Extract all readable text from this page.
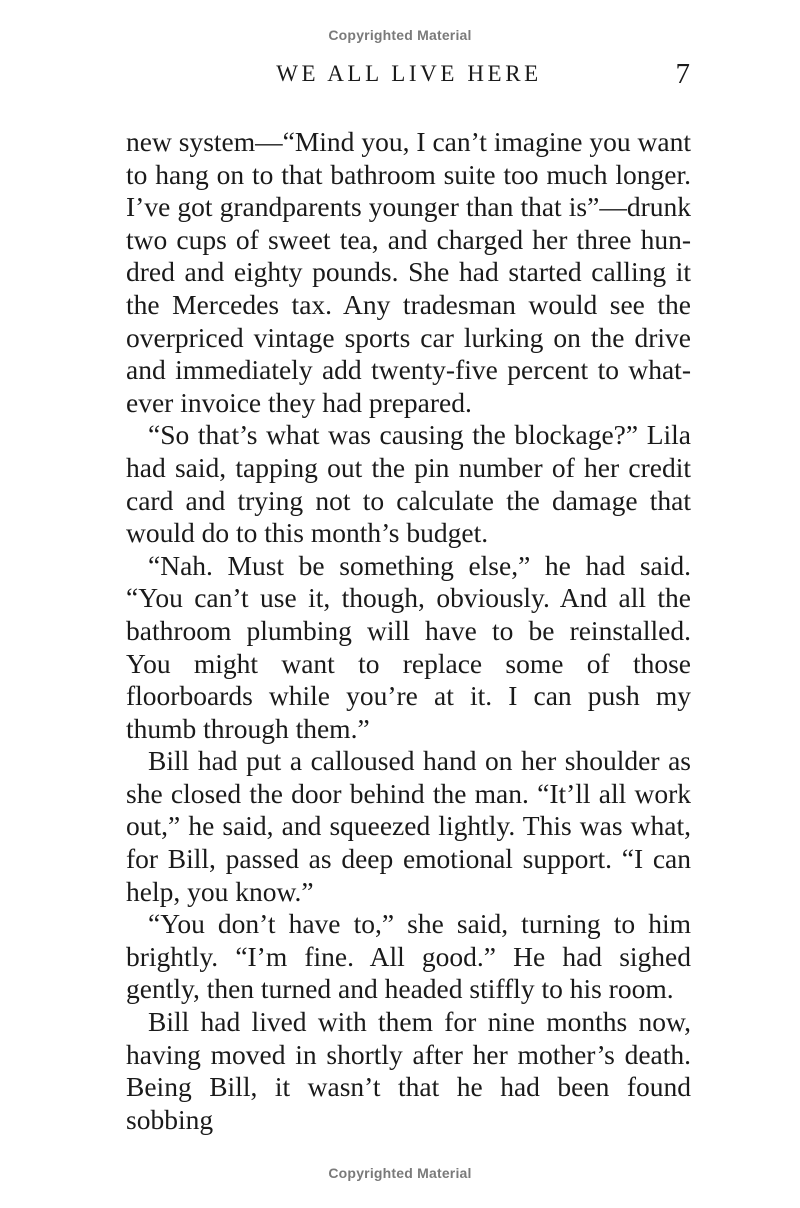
Copyrighted Material
WE ALL LIVE HERE	7

new system—“Mind you, I can’t imagine you want to hang on to that bathroom suite too much longer. I’ve got grandparents younger than that is”—drunk two cups of sweet tea, and charged her three hundred and eighty pounds. She had started calling it the Mercedes tax. Any tradesman would see the overpriced vintage sports car lurking on the drive and immediately add twenty-five percent to whatever invoice they had prepared.

“So that’s what was causing the blockage?” Lila had said, tapping out the pin number of her credit card and trying not to calculate the damage that would do to this month’s budget.

“Nah. Must be something else,” he had said. “You can’t use it, though, obviously. And all the bathroom plumbing will have to be reinstalled. You might want to replace some of those floorboards while you’re at it. I can push my thumb through them.”

Bill had put a calloused hand on her shoulder as she closed the door behind the man. “It’ll all work out,” he said, and squeezed lightly. This was what, for Bill, passed as deep emotional support. “I can help, you know.”

“You don’t have to,” she said, turning to him brightly. “I’m fine. All good.” He had sighed gently, then turned and headed stiffly to his room.

Bill had lived with them for nine months now, having moved in shortly after her mother’s death. Being Bill, it wasn’t that he had been found sobbing

Copyrighted Material
